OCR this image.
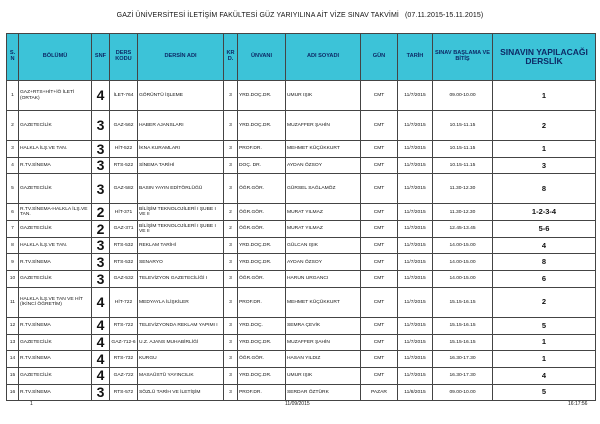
GAZİ ÜNİVERSİTESİ İLETİŞİM FAKÜLTESİ GÜZ YARIYILINA AİT VİZE SINAV TAKVİMİ (07.11.2015-15.11.2015)
S. N	BÖLÜMÜ	SNF	DERS KODU	DERSİN ADI	KR D.	ÜNVANI	ADI SOYADI	GÜN	TARİH	SINAV BAŞLAMA VE BİTİŞ	SINAVIN YAPILACAĞI DERSLİK
1	GAZ+RTS+HİT+İÖ İLETİ (ORTAK)	4	İLET-764	GÖRÜNTÜ İŞLEME	3	YRD.DOÇ.DR.	UMUR IŞIK	CMT	11/7/2015	09.00-10.00	1
2	GAZETECİLİK	3	GAZ-562	HABER AJANSLARI	3	YRD.DOÇ.DR.	MUZAFFER ŞAHİN	CMT	11/7/2015	10.15-11.15	2
3	HALKLA İLŞ.VE TAN.	3	HİT-522	İKNA KURAMLARI	3	PROF.DR.	MEHMET KÜÇÜKKURT	CMT	11/7/2015	10.15-11.15	1
4	R.TV.SİNEMA	3	RTS-522	SİNEMA TARİHİ	3	DOÇ. DR.	AYDAN ÖZSOY	CMT	11/7/2015	10.15-11.15	3
5	GAZETECİLİK	3	GAZ-582	BASIN YAYIN EDİTÖRLÜĞÜ	3	ÖĞR.GÖR.	GÜRSEL SAĞLAMÖZ	CMT	11/7/2015	11.30-12.30	8
6	R.TV.SİNEMA-HALKLA İLŞ.VE TAN.	2	HİT-371	BİLİŞİM TEKNOLOJİLERİ I ŞUBE I VE II	2	ÖĞR.GÖR.	MURAT YILMAZ	CMT	11/7/2015	11.30-12.30	1-2-3-4
7	GAZETECİLİK	2	GAZ-371	BİLİŞİM TEKNOLOJİLERİ I ŞUBE I VE II	2	ÖĞR.GÖR.	MURAT YILMAZ	CMT	11/7/2015	12.45-13.45	5-6
8	HALKLA İLŞ.VE TAN.	3	RTS-532	REKLAM TARİHİ	3	YRD.DOÇ.DR.	GÜLCAN IŞIK	CMT	11/7/2015	14.00-15.00	4
9	R.TV.SİNEMA	3	RTS-532	SENARYO	3	YRD.DOÇ.DR.	AYDAN ÖZSOY	CMT	11/7/2015	14.00-15.00	8
10	GAZETECİLİK	3	GAZ-532	TELEVİZYON GAZETECİLİĞİ I	3	ÖĞR.GÖR.	HARUN URGANCI	CMT	11/7/2015	14.00-15.00	6
11	HALKLA İLŞ.VE TAN VE HİT (İKİNCİ ÖĞRETİM)	4	HİT-722	MEDYAYLA İLİŞKİLER	3	PROF.DR.	MEHMET KÜÇÜKKURT	CMT	11/7/2015	15.15-16.15	2
12	R.TV.SİNEMA	4	RTS-722	TELEVİZYONDA REKLAM YAPIMI I	3	YRD.DOÇ.	SEMRA ÇEVİK	CMT	11/7/2015	15.15-16.15	5
13	GAZETECİLİK	4	GAZ-712-6	U.Z. AJANS MUHABİRLİĞİ	3	YRD.DOÇ.DR.	MUZAFFER ŞAHİN	CMT	11/7/2015	15.15-16.15	1
14	R.TV.SİNEMA	4	RTS-732	KURGU	3	ÖĞR.GÖR.	HASAN YILDIZ	CMT	11/7/2015	16.30-17.30	1
15	GAZETECİLİK	4	GAZ-722	MASAÜSTÜ YAYINCILIK	3	YRD.DOÇ.DR.	UMUR IŞIK	CMT	11/7/2015	16.30-17.30	4
16	R.TV.SİNEMA	3	RTS-572	SÖZLÜ TARİH VE İLETİŞİM	3	PROF.DR.	SERDAR ÖZTÜRK	PAZAR	11/8/2015	09.00-10.00	5
1	11/09/2015	16:17:56
